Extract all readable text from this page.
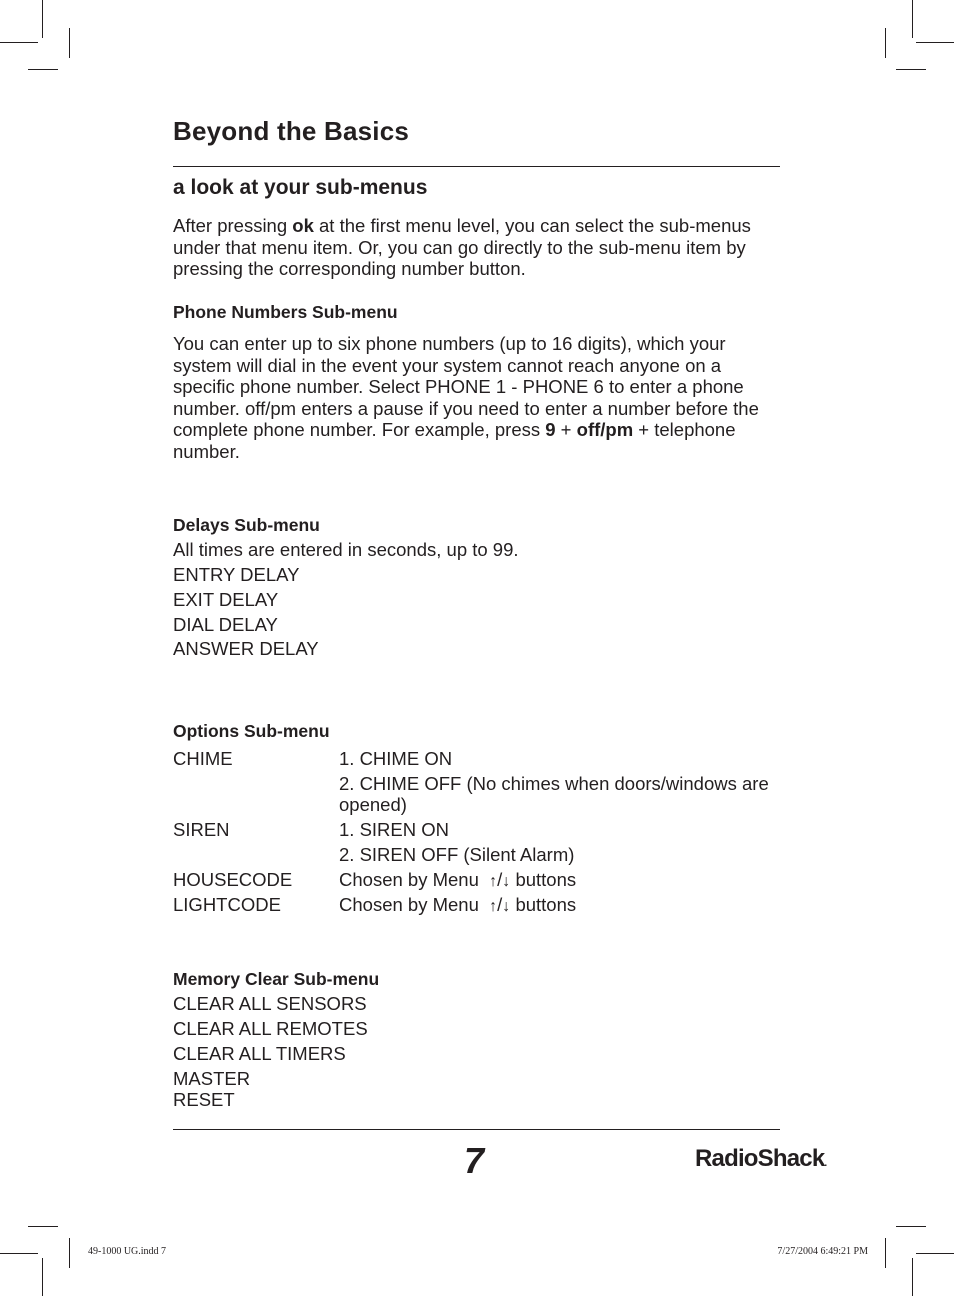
Beyond the Basics
a look at your sub-menus

After pressing ok at the first menu level, you can select the sub-menus under that menu item. Or, you can go directly to the sub-menu item by pressing the corresponding number button.

Phone Numbers Sub-menu

You can enter up to six phone numbers (up to 16 digits), which your system will dial in the event your system cannot reach anyone on a specific phone number. Select PHONE 1 - PHONE 6 to enter a phone number. off/pm enters a pause if you need to enter a number before the complete phone number. For example, press 9 + off/pm + telephone number.

Delays Sub-menu

All times are entered in seconds, up to 99.

ENTRY DELAY

EXIT DELAY

DIAL DELAY

ANSWER DELAY

Options Sub-menu

CHIME	1. CHIME ON

2. CHIME OFF (No chimes when doors/windows are opened)

SIREN	1. SIREN ON

2. SIREN OFF (Silent Alarm)

HOUSECODE	Chosen by Menu ↑/↓ buttons

LIGHTCODE	Chosen by Menu ↑/↓ buttons

Memory Clear Sub-menu

CLEAR ALL SENSORS

CLEAR ALL REMOTES

CLEAR ALL TIMERS

MASTER

RESET

7	RadioShack.

49-1000 UG.indd 7	7/27/2004 6:49:21 PM
